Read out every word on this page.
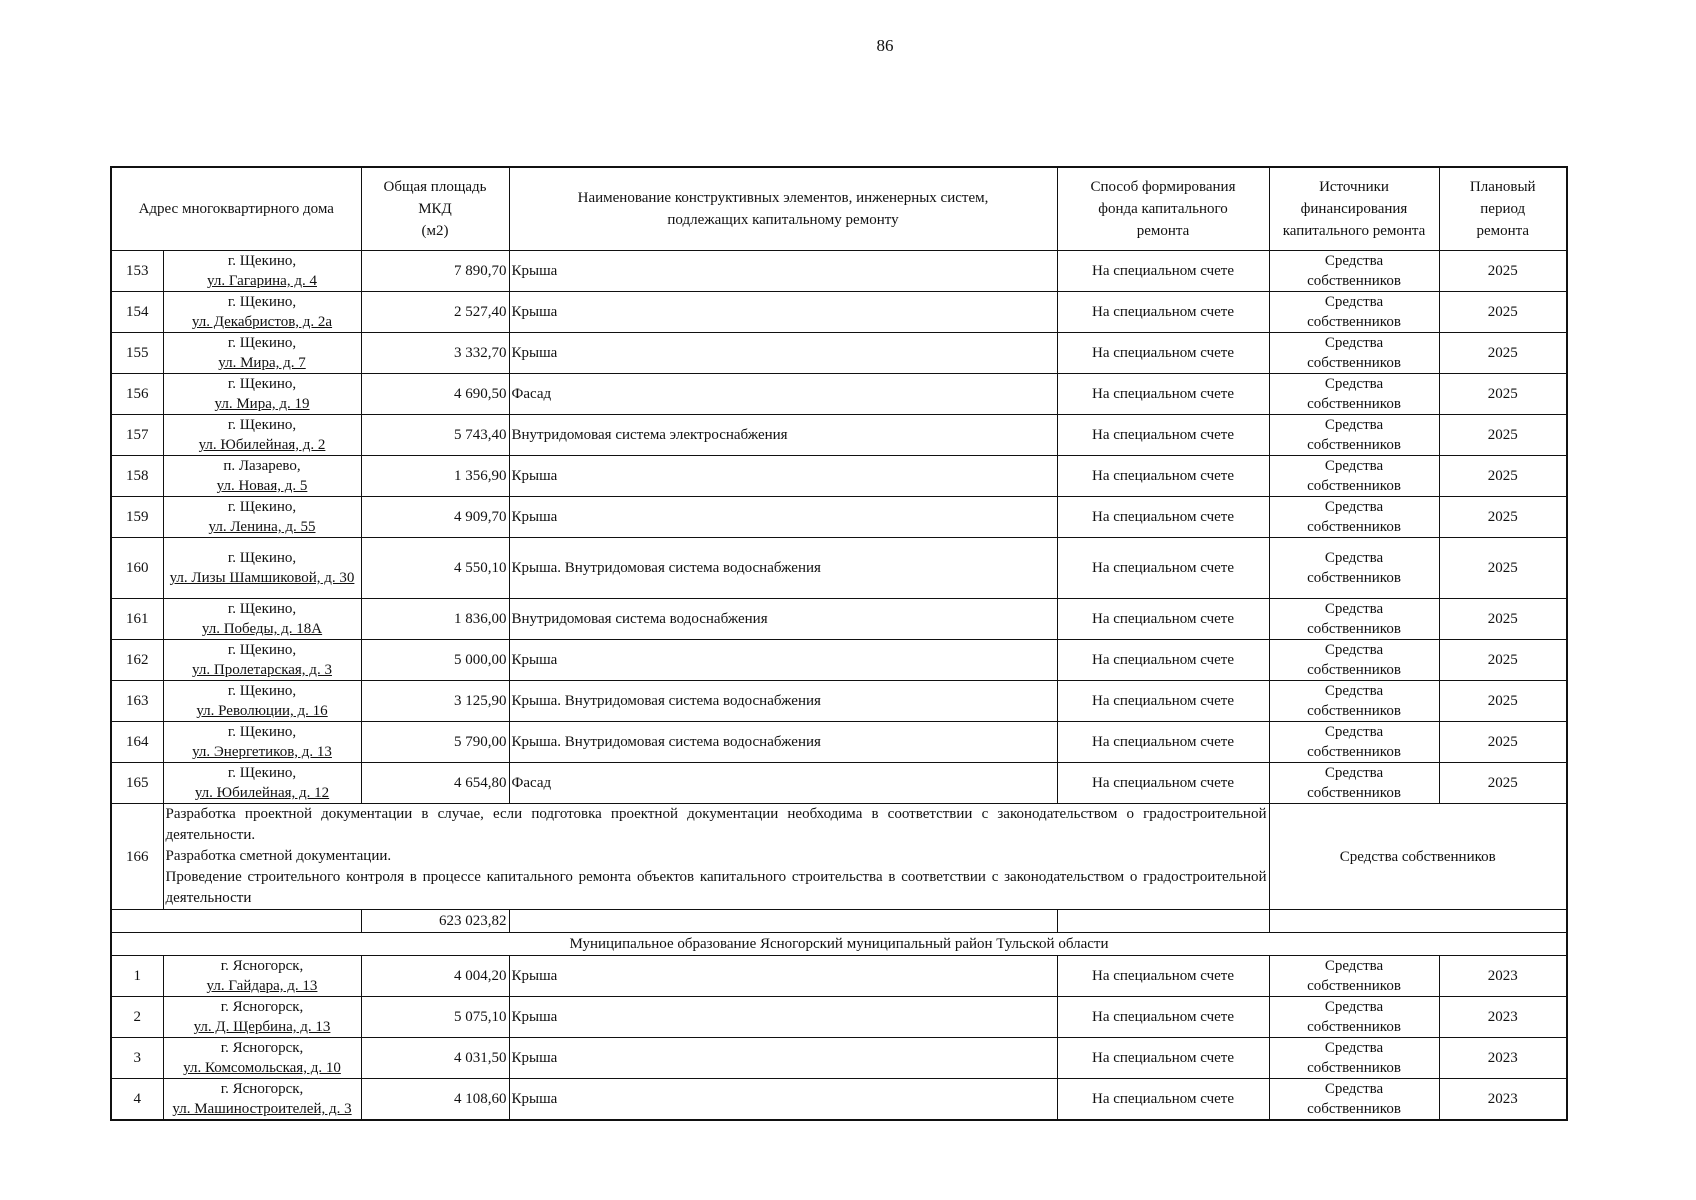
86
Адрес многоквартирного дома		Общая площадь
МКД
(м2)	Наименование конструктивных элементов, инженерных систем,
подлежащих капитальному ремонту	Способ формирования
фонда капитального
ремонта	Источники
финансирования
капитального ремонта	Плановый
период
ремонта
153	г. Щекино,
ул. Гагарина, д. 4	7 890,70	Крыша	На специальном счете	Средства
собственников	2025
154	г. Щекино,
ул. Декабристов, д. 2а	2 527,40	Крыша	На специальном счете	Средства
собственников	2025
155	г. Щекино,
ул. Мира, д. 7	3 332,70	Крыша	На специальном счете	Средства
собственников	2025
156	г. Щекино,
ул. Мира, д. 19	4 690,50	Фасад	На специальном счете	Средства
собственников	2025
157	г. Щекино,
ул. Юбилейная, д. 2	5 743,40	Внутридомовая система электроснабжения	На специальном счете	Средства
собственников	2025
158	п. Лазарево,
ул. Новая, д. 5	1 356,90	Крыша	На специальном счете	Средства
собственников	2025
159	г. Щекино,
ул. Ленина, д. 55	4 909,70	Крыша	На специальном счете	Средства
собственников	2025
160	г. Щекино,
ул. Лизы Шамшиковой, д. 30	4 550,10	Крыша. Внутридомовая система водоснабжения	На специальном счете	Средства
собственников	2025
161	г. Щекино,
ул. Победы, д. 18А	1 836,00	Внутридомовая система водоснабжения	На специальном счете	Средства
собственников	2025
162	г. Щекино,
ул. Пролетарская, д. 3	5 000,00	Крыша	На специальном счете	Средства
собственников	2025
163	г. Щекино,
ул. Революции, д. 16	3 125,90	Крыша. Внутридомовая система водоснабжения	На специальном счете	Средства
собственников	2025
164	г. Щекино,
ул. Энергетиков, д. 13	5 790,00	Крыша. Внутридомовая система водоснабжения	На специальном счете	Средства
собственников	2025
165	г. Щекино,
ул. Юбилейная, д. 12	4 654,80	Фасад	На специальном счете	Средства
собственников	2025
166	Разработка проектной документации в случае, если подготовка проектной документации необходима в соответствии с законодательством о градостроительной деятельности.

Разработка сметной документации.

Проведение строительного контроля в процессе капитального ремонта объектов капитального строительства в соответствии с законодательством о градостроительной деятельности				Средства собственников	
		623 023,82				
Муниципальное образование Ясногорский муниципальный район Тульской области						
1	г. Ясногорск,
ул. Гайдара, д. 13	4 004,20	Крыша	На специальном счете	Средства
собственников	2023
2	г. Ясногорск,
ул. Д. Щербина, д. 13	5 075,10	Крыша	На специальном счете	Средства
собственников	2023
3	г. Ясногорск,
ул. Комсомольская, д. 10	4 031,50	Крыша	На специальном счете	Средства
собственников	2023
4	г. Ясногорск,
ул. Машиностроителей, д. 3	4 108,60	Крыша	На специальном счете	Средства
собственников	2023
